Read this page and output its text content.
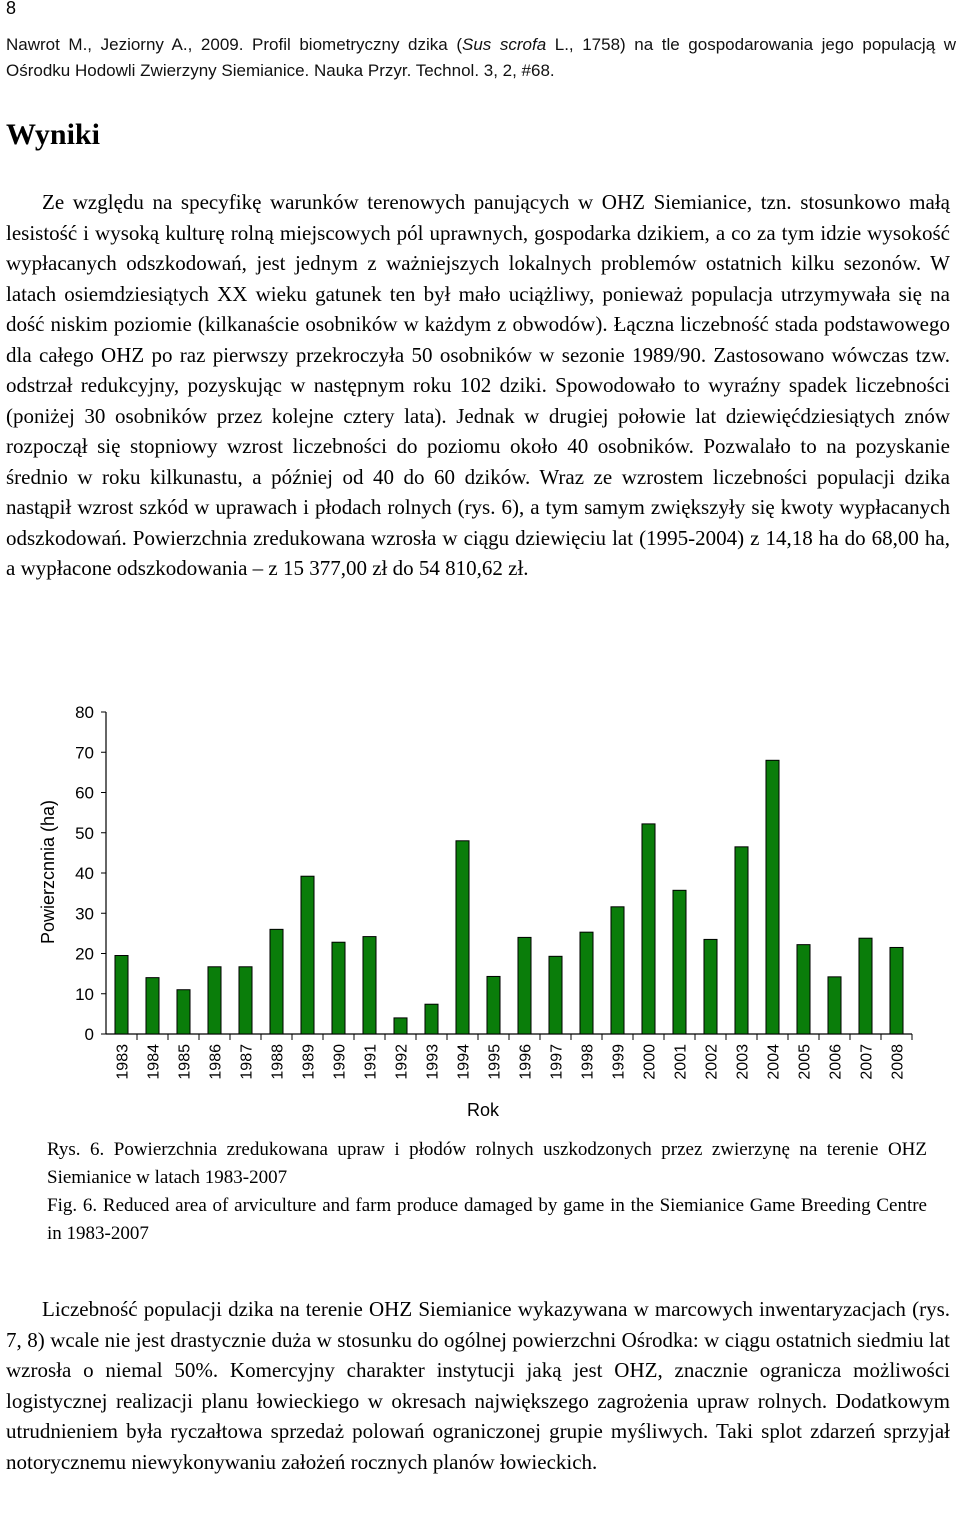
8
Nawrot M., Jeziorny A., 2009. Profil biometryczny dzika (Sus scrofa L., 1758) na tle gospodarowania jego populacją w Ośrodku Hodowli Zwierzyny Siemianice. Nauka Przyr. Technol. 3, 2, #68.
Wyniki
Ze względu na specyfikę warunków terenowych panujących w OHZ Siemianice, tzn. stosunkowo małą lesistość i wysoką kulturę rolną miejscowych pól uprawnych, gospodarka dzikiem, a co za tym idzie wysokość wypłacanych odszkodowań, jest jednym z ważniejszych lokalnych problemów ostatnich kilku sezonów. W latach osiemdziesiątych XX wieku gatunek ten był mało uciążliwy, ponieważ populacja utrzymywała się na dość niskim poziomie (kilkanaście osobników w każdym z obwodów). Łączna liczebność stada podstawowego dla całego OHZ po raz pierwszy przekroczyła 50 osobników w sezonie 1989/90. Zastosowano wówczas tzw. odstrzał redukcyjny, pozyskując w następnym roku 102 dziki. Spowodowało to wyraźny spadek liczebności (poniżej 30 osobników przez kolejne cztery lata). Jednak w drugiej połowie lat dziewięćdziesiątych znów rozpoczął się stopniowy wzrost liczebności do poziomu około 40 osobników. Pozwalało to na pozyskanie średnio w roku kilkunastu, a później od 40 do 60 dzików. Wraz ze wzrostem liczebności populacji dzika nastąpił wzrost szkód w uprawach i płodach rolnych (rys. 6), a tym samym zwiększyły się kwoty wypłacanych odszkodowań. Powierzchnia zredukowana wzrosła w ciągu dziewięciu lat (1995-2004) z 14,18 ha do 68,00 ha, a wypłacone odszkodowania – z 15 377,00 zł do 54 810,62 zł.
0
10
20
30
40
50
60
70
80
1983 1984 1985 1986 1987 1988 1989 1990 1991 1992 1993 1994 1995 1996 1997 1998 1999 2000 2001 2002 2003 2004 2005 2006 2007 2008
Rok
Powierzcnnia (ha)
Rys. 6. Powierzchnia zredukowana upraw i płodów rolnych uszkodzonych przez zwierzynę na terenie OHZ Siemianice w latach 1983-2007
Fig. 6. Reduced area of arviculture and farm produce damaged by game in the Siemianice Game Breeding Centre in 1983-2007
Liczebność populacji dzika na terenie OHZ Siemianice wykazywana w marcowych inwentaryzacjach (rys. 7, 8) wcale nie jest drastycznie duża w stosunku do ogólnej powierzchni Ośrodka: w ciągu ostatnich siedmiu lat wzrosła o niemal 50%. Komercyjny charakter instytucji jaką jest OHZ, znacznie ogranicza możliwości logistycznej realizacji planu łowieckiego w okresach największego zagrożenia upraw rolnych. Dodatkowym utrudnieniem była ryczałtowa sprzedaż polowań ograniczonej grupie myśliwych. Taki splot zdarzeń sprzyjał notorycznemu niewykonywaniu założeń rocznych planów łowieckich.
